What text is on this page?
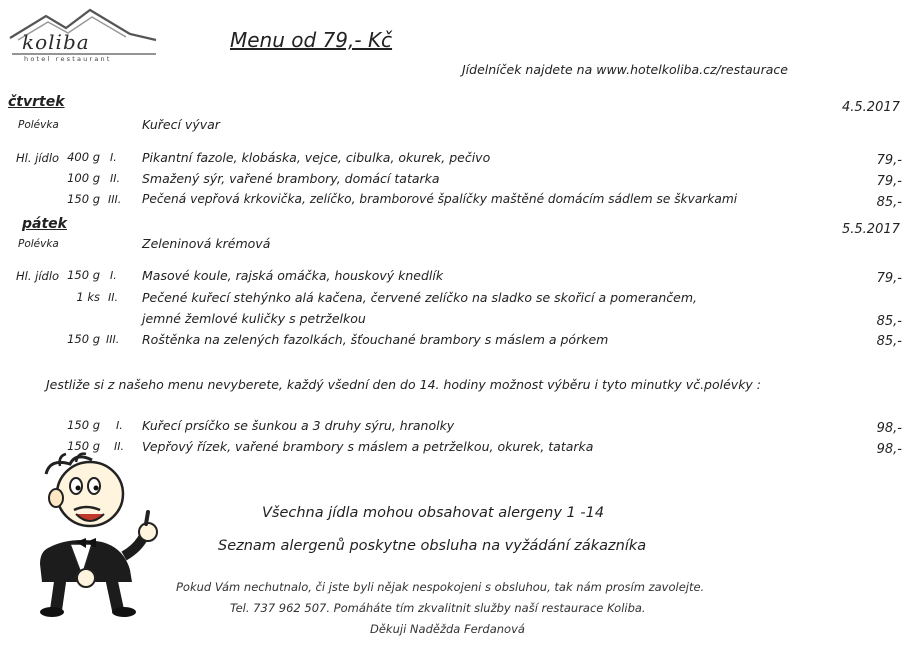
koliba
hotel restaurant
Menu od 79,- Kč
Jídelníček najdete na www.hotelkoliba.cz/restaurace
čtvrtek	4.5.2017
Polévka	Kuřecí vývar
Hl. jídlo 400 g I. Pikantní fazole, klobáska, vejce, cibulka, okurek, pečivo	79,-
100 g II. Smažený sýr, vařené brambory, domácí tatarka	79,-
150 g III. Pečená vepřová krkovička, zelíčko, bramborové špalíčky maštěné domácím sádlem se škvarkami	85,-
pátek	5.5.2017
Polévka	Zeleninová krémová
Hl. jídlo 150 g I. Masové koule, rajská omáčka, houskový knedlík	79,-
1 ks II. Pečené kuřecí stehýnko alá kačena, červené zelíčko na sladko se skořicí a pomerančem,
jemné žemlové kuličky s petrželkou	85,-
150 g III. Roštěnka na zelených fazolkách, šťouchané brambory s máslem a pórkem	85,-
Jestliže si z našeho menu nevyberete, každý všední den do 14. hodiny možnost výběru i tyto minutky vč.polévky :
150 g I. Kuřecí prsíčko se šunkou a 3 druhy sýru, hranolky	98,-
150 g II. Vepřový řízek, vařené brambory s máslem a petrželkou, okurek, tatarka	98,-
Všechna jídla mohou obsahovat alergeny 1 -14
Seznam alergenů poskytne obsluha na vyžádání zákazníka
Pokud Vám nechutnalo, či jste byli nějak nespokojeni s obsluhou, tak nám prosím zavolejte.
Tel. 737 962 507. Pomáháte tím zkvalitnit služby naší restaurace Koliba.
Děkuji Naděžda Ferdanová
